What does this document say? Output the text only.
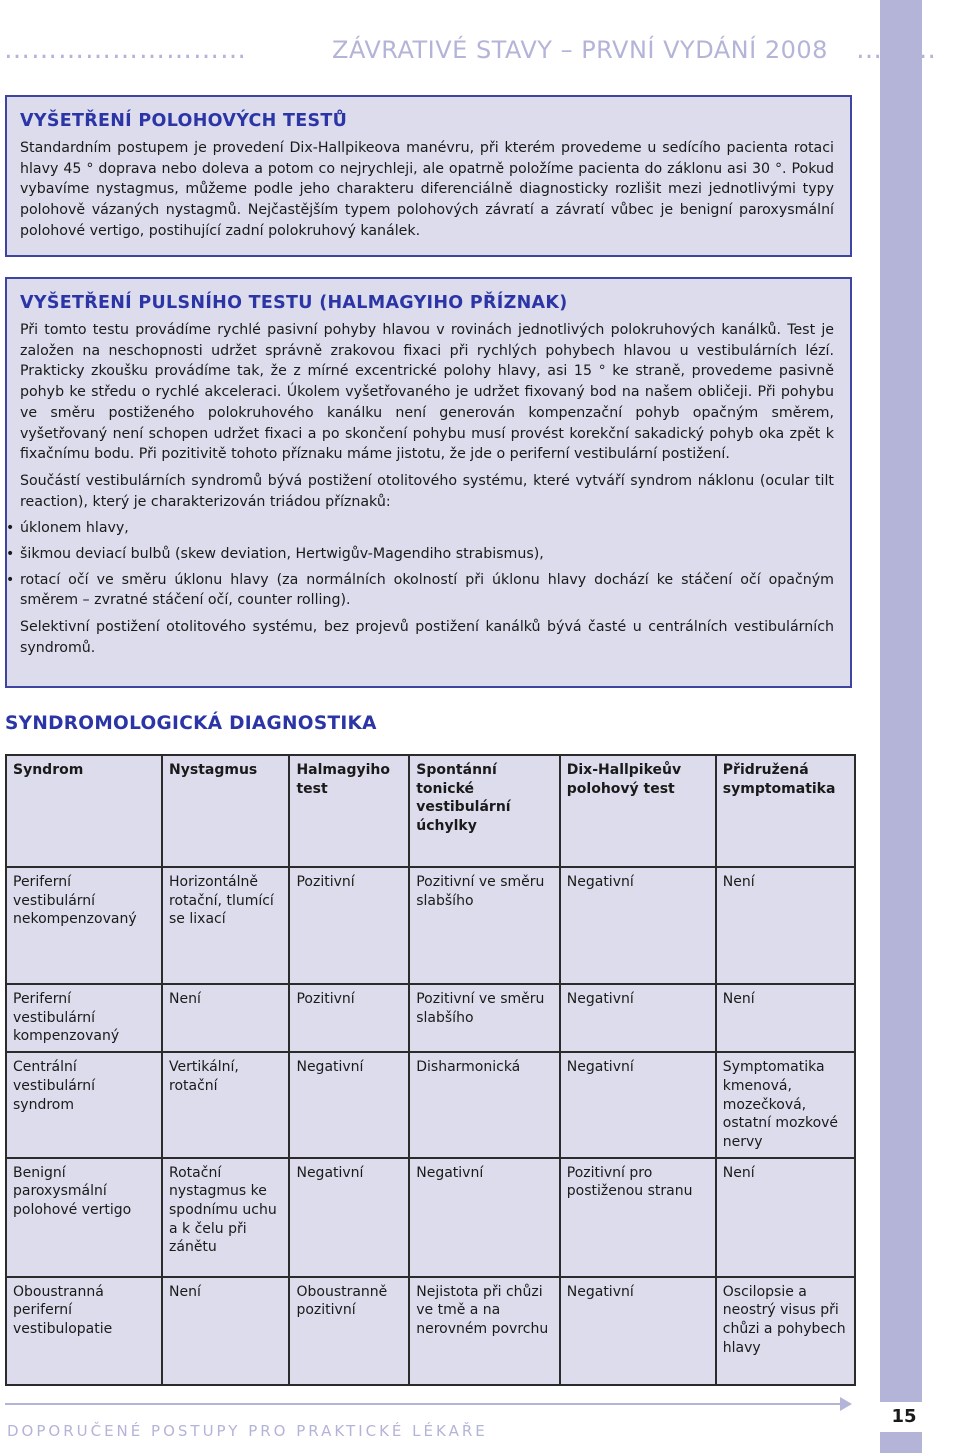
………………………	ZÁVRATIVÉ STAVY – PRVNÍ VYDÁNÍ 2008 ………
VYŠETŘENÍ POLOHOVÝCH TESTŮ

Standardním postupem je provedení Dix-Hallpikeova manévru, při kterém provedeme u sedícího pacienta rotaci hlavy 45 ° doprava nebo doleva a potom co nejrychleji, ale opatrně položíme pacienta do záklonu asi 30 °. Pokud vybavíme nystagmus, můžeme podle jeho charakteru diferenciálně diagnosticky rozlišit mezi jednotlivými typy polohově vázaných nystagmů. Nejčastějším typem polohových závratí a závratí vůbec je benigní paroxysmální polohové vertigo, postihující zadní polokruhový kanálek.

VYŠETŘENÍ PULSNÍHO TESTU (HALMAGYIHO PŘÍZNAK)

Při tomto testu provádíme rychlé pasivní pohyby hlavou v rovinách jednotlivých polokruhových kanálků. Test je založen na neschopnosti udržet správně zrakovou fixaci při rychlých pohybech hlavou u vestibulárních lézí. Prakticky zkoušku provádíme tak, že z mírné excentrické polohy hlavy, asi 15 ° ke straně, provedeme pasivně pohyb ke středu o rychlé akceleraci. Úkolem vyšetřovaného je udržet fixovaný bod na našem obličeji. Při pohybu ve směru postiženého polokruhového kanálku není generován kompenzační pohyb opačným směrem, vyšetřovaný není schopen udržet fixaci a po skončení pohybu musí provést korekční sakadický pohyb oka zpět k fixačnímu bodu. Při pozitivitě tohoto příznaku máme jistotu, že jde o periferní vestibulární postižení.

Součástí vestibulárních syndromů bývá postižení otolitového systému, které vytváří syndrom náklonu (ocular tilt reaction), který je charakterizován triádou příznaků:

• úklonem hlavy,
• šikmou deviací bulbů (skew deviation, Hertwigův-Magendiho strabismus),
• rotací očí ve směru úklonu hlavy (za normálních okolností při úklonu hlavy dochází ke stáčení očí opačným směrem – zvratné stáčení očí, counter rolling).

Selektivní postižení otolitového systému, bez projevů postižení kanálků bývá časté u centrálních vestibulárních syndromů.

SYNDROMOLOGICKÁ DIAGNOSTIKA
Syndrom	Nystagmus	Halmagyiho test	Spontánní tonické vestibulární úchylky	Dix-Hallpikeův polohový test	Přidružená symptomatika
Periferní vestibulární nekompenzovaný	Horizontálně rotační, tlumící se lixací	Pozitivní	Pozitivní ve směru slabšího	Negativní	Není
Periferní vestibulární kompenzovaný	Není	Pozitivní	Pozitivní ve směru slabšího	Negativní	Není
Centrální vestibulární syndrom	Vertikální, rotační	Negativní	Disharmonická	Negativní	Symptomatika kmenová, mozečková, ostatní mozkové nervy
Benigní paroxysmální polohové vertigo	Rotační nystagmus ke spodnímu uchu a k čelu při zánětu	Negativní	Negativní	Pozitivní pro postiženou stranu	Není
Oboustranná periferní vestibulopatie	Není	Oboustranně pozitivní	Nejistota při chůzi ve tmě a na nerovném povrchu	Negativní	Oscilopsie a neostrý visus při chůzi a pohybech hlavy
DOPORUČENÉ POSTUPY PRO PRAKTICKÉ LÉKAŘE
15
